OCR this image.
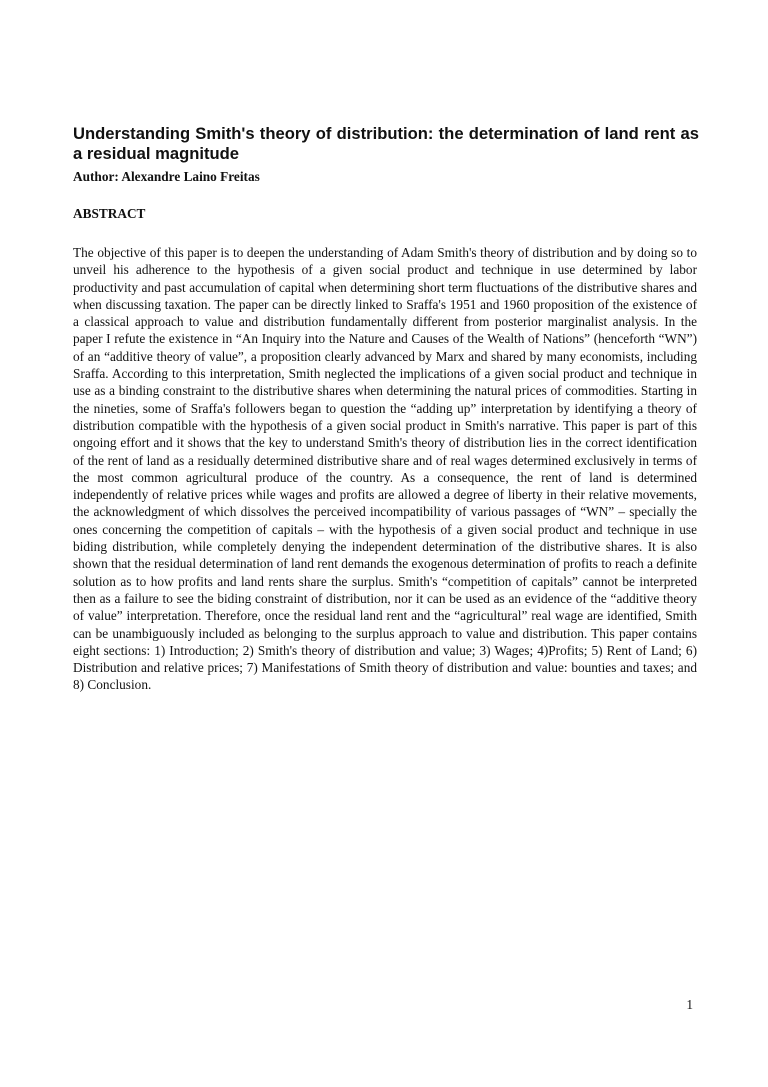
Understanding Smith's theory of distribution: the determination of land rent as a residual magnitude

Author: Alexandre Laino Freitas

ABSTRACT

The objective of this paper is to deepen the understanding of Adam Smith's theory of distribution and by doing so to unveil his adherence to the hypothesis of a given social product and technique in use determined by labor productivity and past accumulation of capital when determining short term fluctuations of the distributive shares and when discussing taxation. The paper can be directly linked to Sraffa's 1951 and 1960 proposition of the existence of a classical approach to value and distribution fundamentally different from posterior marginalist analysis. In the paper I refute the existence in “An Inquiry into the Nature and Causes of the Wealth of Nations” (henceforth “WN”) of an “additive theory of value”, a proposition clearly advanced by Marx and shared by many economists, including Sraffa. According to this interpretation, Smith neglected the implications of a given social product and technique in use as a binding constraint to the distributive shares when determining the natural prices of commodities. Starting in the nineties, some of Sraffa's followers began to question the “adding up” interpretation by identifying a theory of distribution compatible with the hypothesis of a given social product in Smith's narrative. This paper is part of this ongoing effort and it shows that the key to understand Smith's theory of distribution lies in the correct identification of the rent of land as a residually determined distributive share and of real wages determined exclusively in terms of the most common agricultural produce of the country. As a consequence, the rent of land is determined independently of relative prices while wages and profits are allowed a degree of liberty in their relative movements, the acknowledgment of which dissolves the perceived incompatibility of various passages of “WN” – specially the ones concerning the competition of capitals – with the hypothesis of a given social product and technique in use biding distribution, while completely denying the independent determination of the distributive shares. It is also shown that the residual determination of land rent demands the exogenous determination of profits to reach a definite solution as to how profits and land rents share the surplus. Smith's “competition of capitals” cannot be interpreted then as a failure to see the biding constraint of distribution, nor it can be used as an evidence of the “additive theory of value” interpretation. Therefore, once the residual land rent and the “agricultural” real wage are identified, Smith can be unambiguously included as belonging to the surplus approach to value and distribution. This paper contains eight sections: 1) Introduction; 2) Smith's theory of distribution and value; 3) Wages; 4)Profits; 5) Rent of Land; 6) Distribution and relative prices; 7) Manifestations of Smith theory of distribution and value: bounties and taxes; and 8) Conclusion.

1
